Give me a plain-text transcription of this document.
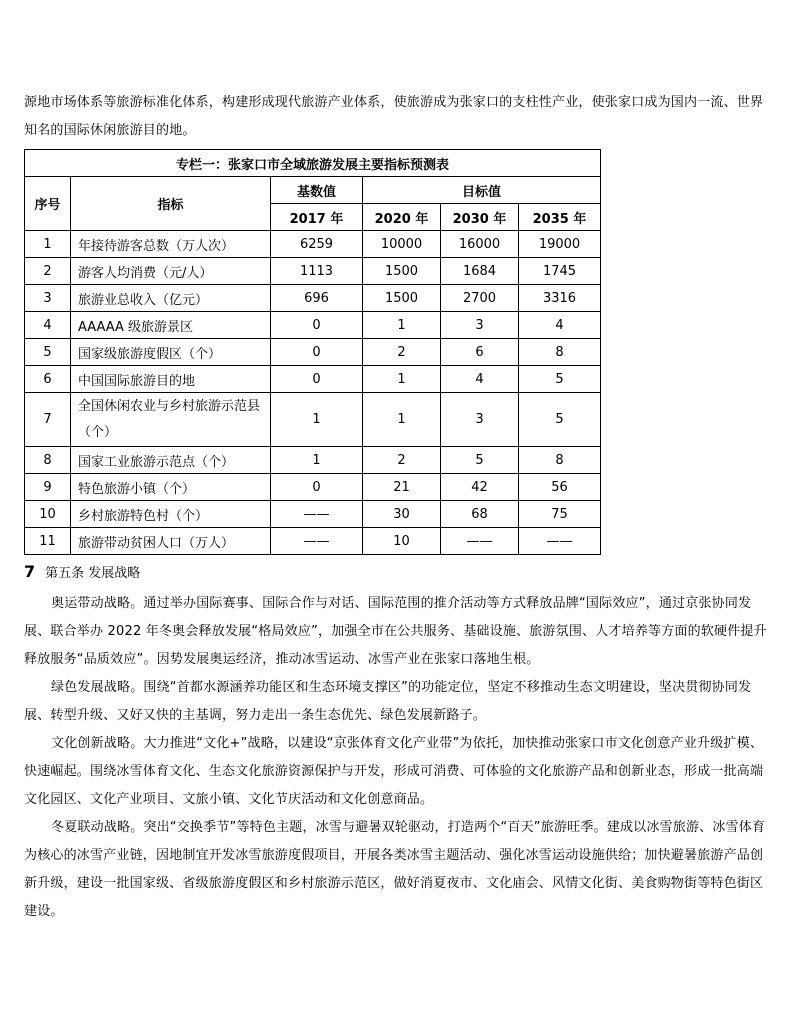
源地市场体系等旅游标准化体系，构建形成现代旅游产业体系，使旅游成为张家口的支柱性产业，使张家口成为国内一流、世界知名的国际休闲旅游目的地。

专栏一：张家口市全域旅游发展主要指标预测表					
序号	指标	基数值	目标值		
		2017 年	2020 年	2030 年	2035 年
1	年接待游客总数（万人次）	6259	10000	16000	19000
2	游客人均消费（元/人）	1113	1500	1684	1745
3	旅游业总收入（亿元）	696	1500	2700	3316
4	AAAAA 级旅游景区	0	1	3	4
5	国家级旅游度假区（个）	0	2	6	8
6	中国国际旅游目的地	0	1	4	5
7	全国休闲农业与乡村旅游示范县（个）	1	1	3	5
8	国家工业旅游示范点（个）	1	2	5	8
9	特色旅游小镇（个）	0	21	42	56
10	乡村旅游特色村（个）	——	30	68	75
11	旅游带动贫困人口（万人）	——	10	——	——
7 第五条 发展战略

奥运带动战略。通过举办国际赛事、国际合作与对话、国际范围的推介活动等方式释放品牌“国际效应”，通过京张协同发展、联合举办 2022 年冬奥会释放发展“格局效应”，加强全市在公共服务、基础设施、旅游氛围、人才培养等方面的软硬件提升释放服务“品质效应”。因势发展奥运经济，推动冰雪运动、冰雪产业在张家口落地生根。

绿色发展战略。围绕“首都水源涵养功能区和生态环境支撑区”的功能定位，坚定不移推动生态文明建设，坚决贯彻协同发展、转型升级、又好又快的主基调，努力走出一条生态优先、绿色发展新路子。

文化创新战略。大力推进“文化+”战略，以建设“京张体育文化产业带”为依托，加快推动张家口市文化创意产业升级扩模、快速崛起。围绕冰雪体育文化、生态文化旅游资源保护与开发，形成可消费、可体验的文化旅游产品和创新业态，形成一批高端文化园区、文化产业项目、文旅小镇、文化节庆活动和文化创意商品。

冬夏联动战略。突出“交换季节”等特色主题，冰雪与避暑双轮驱动，打造两个“百天”旅游旺季。建成以冰雪旅游、冰雪体育为核心的冰雪产业链，因地制宜开发冰雪旅游度假项目，开展各类冰雪主题活动、强化冰雪运动设施供给；加快避暑旅游产品创新升级，建设一批国家级、省级旅游度假区和乡村旅游示范区，做好消夏夜市、文化庙会、风情文化街、美食购物街等特色街区建设。
